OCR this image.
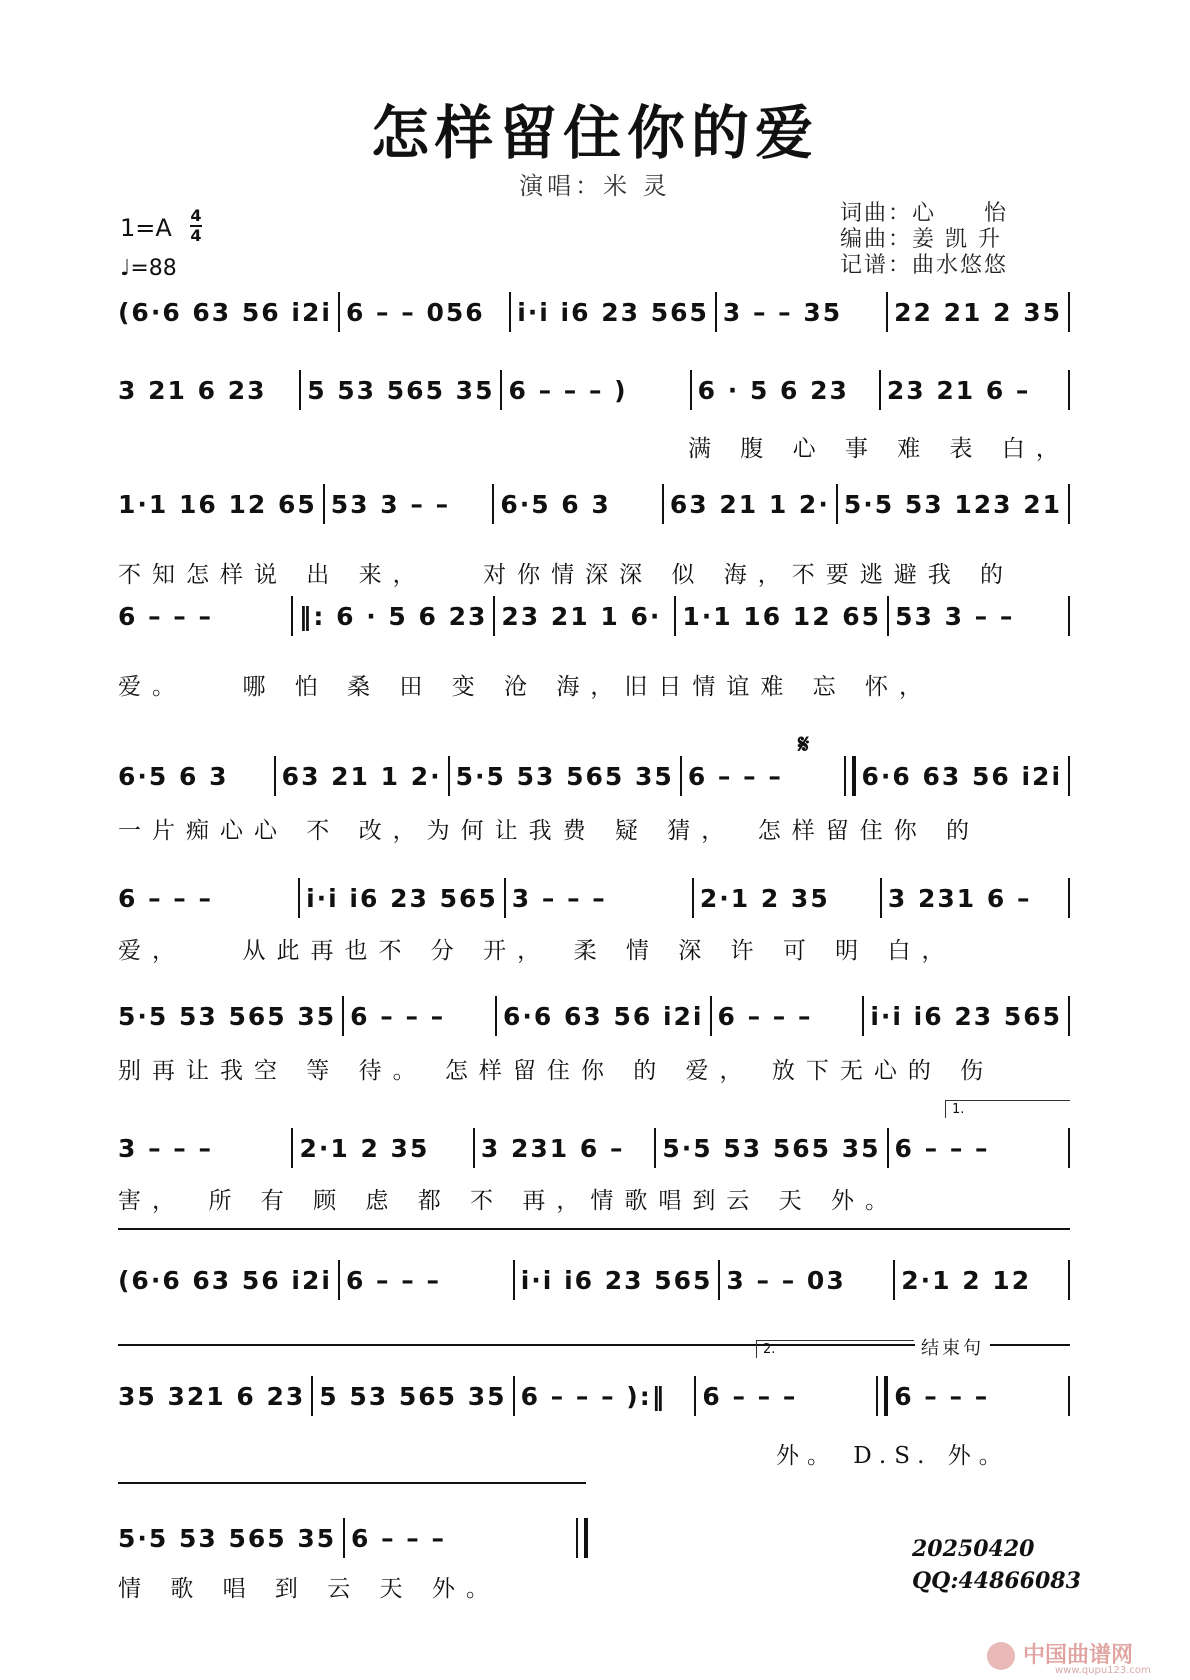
怎样留住你的爱
演唱：米 灵
词曲：心　　怡
编曲：姜 凯 升
记谱：曲水悠悠
1=A 4
4
♩=88
(6·6 63 56 i2i 6 – – 056	i·i i6 23 565 3 – – 35	22 21 2 35
3 21 6 23	5 53 565 35 6 – – – )	6 · 5 6 23	23 21 6 –
满 腹 心 事 难 表 白，
1·1 16 12 65 53 3 – –	6·5 6 3	63 21 1 2· 5·5 53 123 21
不知怎样说 出 来，　　对你情深深 似 海，不要逃避我 的
6 – – –	‖: 6 · 5 6 23 23 21 1 6· 1·1 16 12 65 53 3 – –
爱。　　哪 怕 桑 田 变 沧 海，旧日情谊难 忘 怀，
𝄋
6·5 6 3	63 21 1 2· 5·5 53 565 35 6 – – –	6·6 63 56 i2i
一片痴心心 不 改，为何让我费 疑 猜，　怎样留住你 的
6 – – –	i·i i6 23 565 3 – – –	2·1 2 35	3 231 6 –
爱，　　从此再也不 分 开，　柔 情 深 许 可 明 白，
5·5 53 565 35 6 – – –	6·6 63 56 i2i 6 – – –	i·i i6 23 565
别再让我空 等 待。 怎样留住你 的 爱， 放下无心的 伤
1.
3 – – –	2·1 2 35	3 231 6 –	5·5 53 565 35 6 – – –
害，　所 有 顾 虑 都 不 再，情歌唱到云 天 外。
(6·6 63 56 i2i 6 – – –	i·i i6 23 565 3 – – 03	2·1 2 12
2.	结束句
35 321 6 23 5 53 565 35 6 – – – ):‖	6 – – –	6 – – –
外。 D.S. 外。
5·5 53 565 35 6 – – –
情 歌 唱 到 云 天 外。
20250420
QQ:44866083
中国曲谱网
www.qupu123.com
